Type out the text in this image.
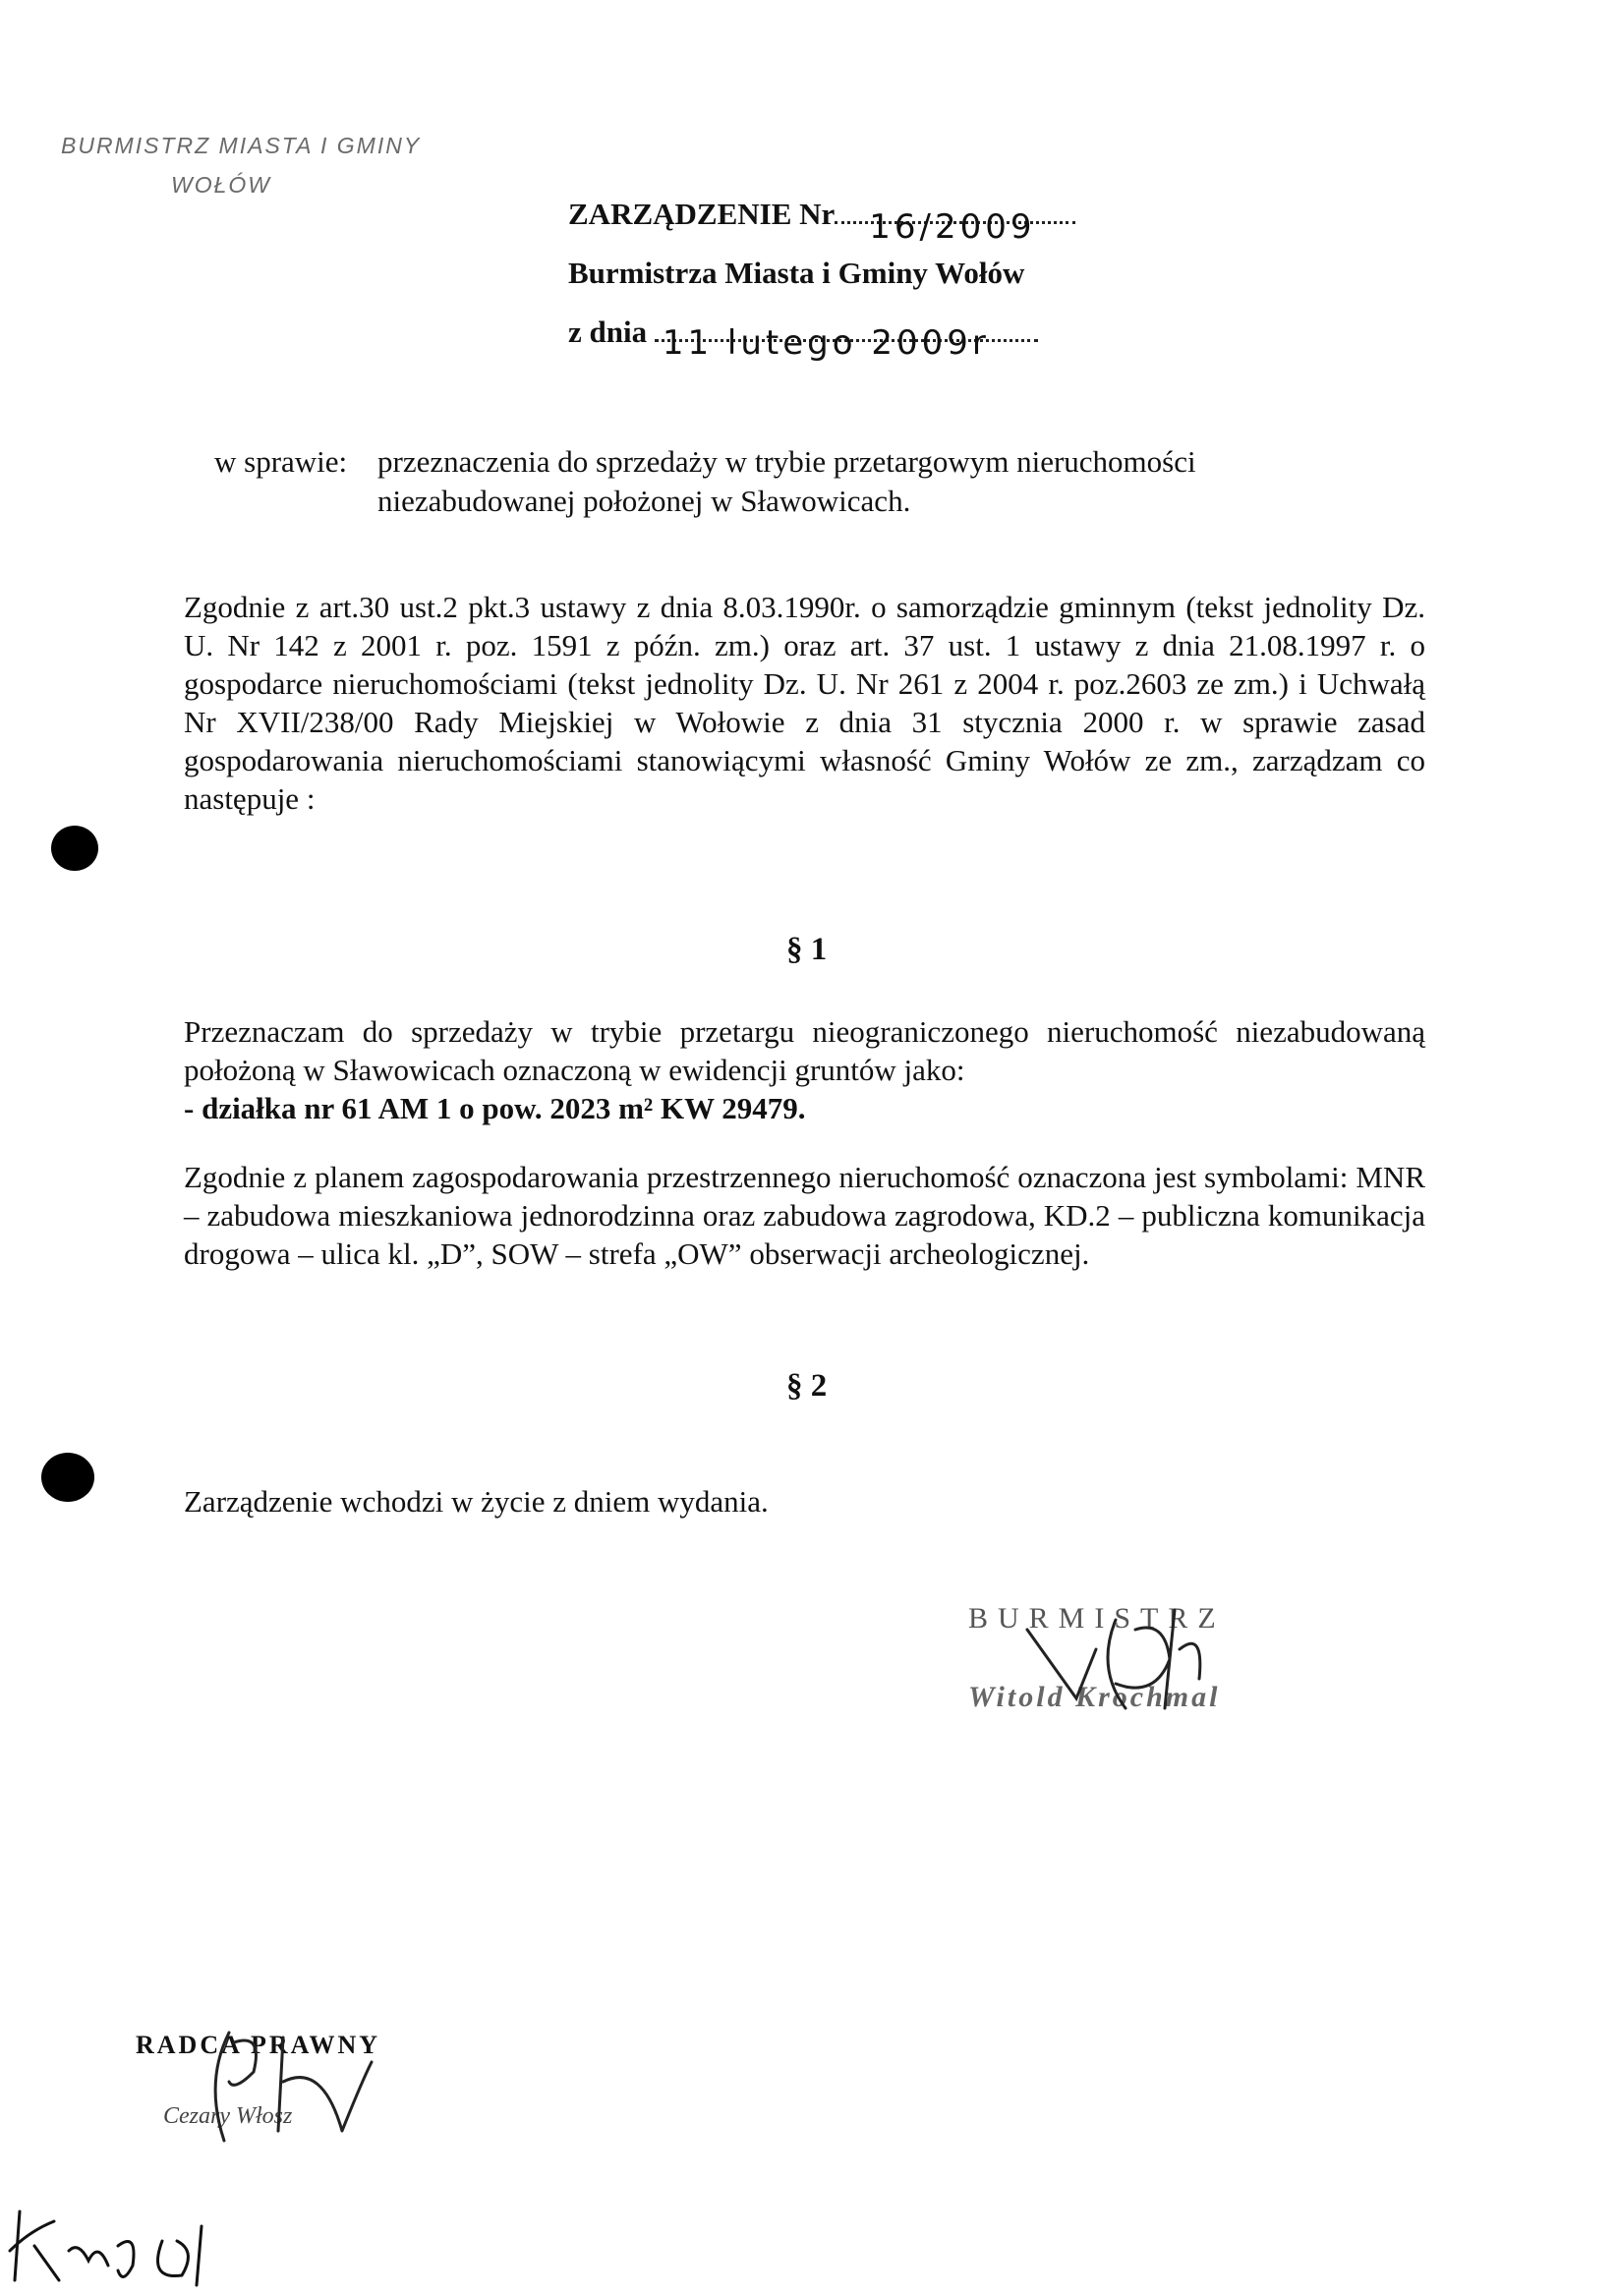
BURMISTRZ MIASTA I GMINY
WOŁÓW
ZARZĄDZENIE Nr 16/2009
Burmistrza Miasta i Gminy Wołów
z dnia 11 lutego 2009r
w sprawie: przeznaczenia do sprzedaży w trybie przetargowym nieruchomości
niezabudowanej położonej w Sławowicach.

Zgodnie z art.30 ust.2 pkt.3 ustawy z dnia 8.03.1990r. o samorządzie gminnym (tekst jednolity Dz. U. Nr 142 z 2001 r. poz. 1591 z późn. zm.) oraz art. 37 ust. 1 ustawy z dnia 21.08.1997 r. o gospodarce nieruchomościami (tekst jednolity Dz. U. Nr 261 z 2004 r. poz.2603 ze zm.) i Uchwałą Nr XVII/238/00 Rady Miejskiej w Wołowie z dnia 31 stycznia 2000 r. w sprawie zasad gospodarowania nieruchomościami stanowiącymi własność Gminy Wołów ze zm., zarządzam co następuje :

§ 1

Przeznaczam do sprzedaży w trybie przetargu nieograniczonego nieruchomość niezabudowaną położoną w Sławowicach oznaczoną w ewidencji gruntów jako:

- działka nr 61 AM 1 o pow. 2023 m² KW 29479.

Zgodnie z planem zagospodarowania przestrzennego nieruchomość oznaczona jest symbolami: MNR – zabudowa mieszkaniowa jednorodzinna oraz zabudowa zagrodowa, KD.2 – publiczna komunikacja drogowa – ulica kl. „D”, SOW – strefa „OW” obserwacji archeologicznej.

§ 2
Zarządzenie wchodzi w życie z dniem wydania.
BURMISTRZ
Witold Krochmal
RADCA PRAWNY
Cezary Włosz
